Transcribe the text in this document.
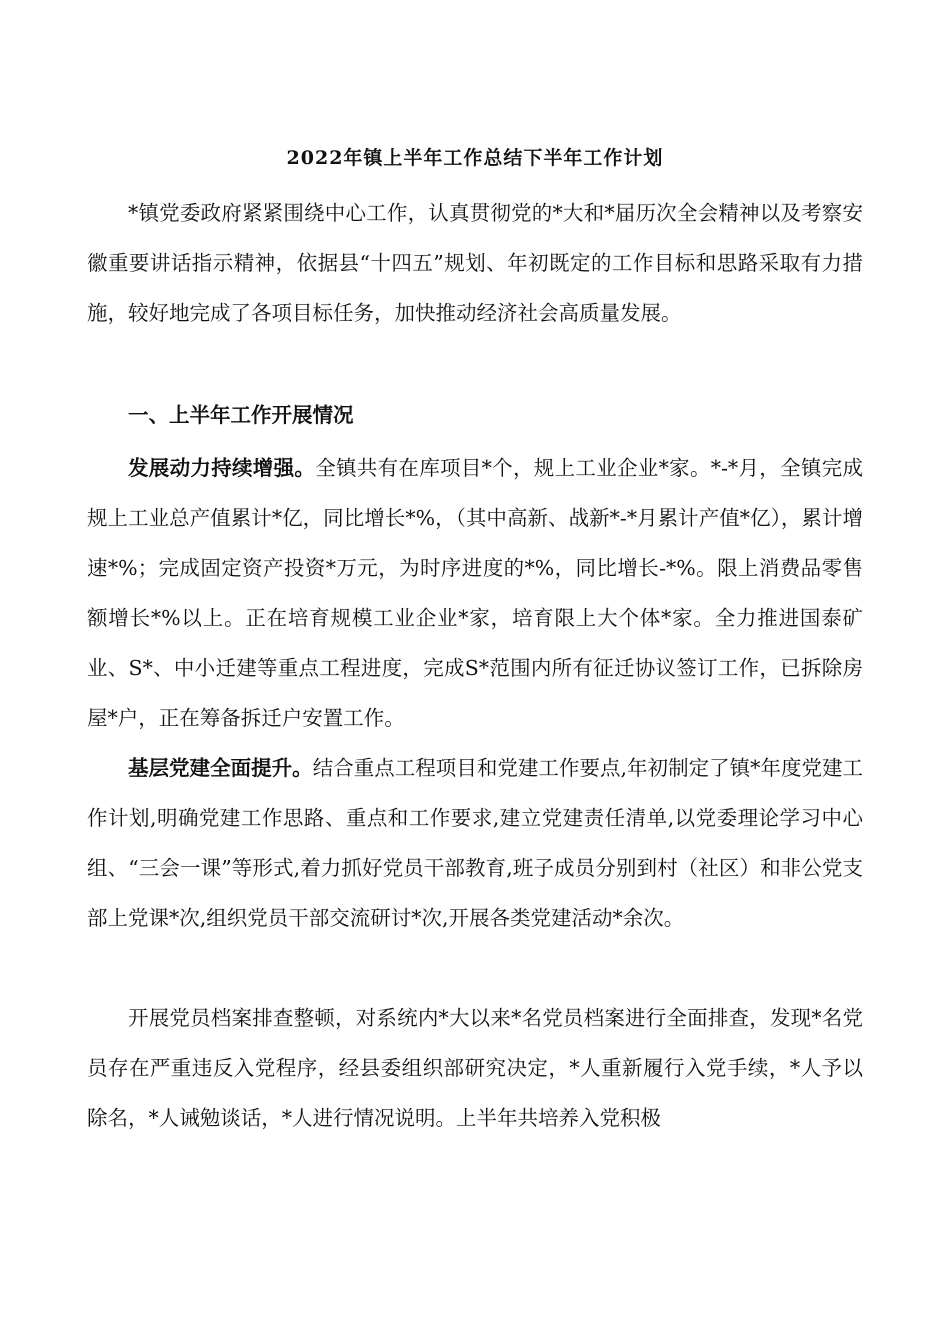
2022年镇上半年工作总结下半年工作计划

*镇党委政府紧紧围绕中心工作，认真贯彻党的*大和*届历次全会精神以及考察安徽重要讲话指示精神，依据县“十四五”规划、年初既定的工作目标和思路采取有力措施，较好地完成了各项目标任务，加快推动经济社会高质量发展。

一、上半年工作开展情况

发展动力持续增强。全镇共有在库项目*个，规上工业企业*家。*-*月，全镇完成规上工业总产值累计*亿，同比增长*%，（其中高新、战新*-*月累计产值*亿），累计增速*%；完成固定资产投资*万元，为时序进度的*%，同比增长-*%。限上消费品零售额增长*%以上。正在培育规模工业企业*家，培育限上大个体*家。全力推进国泰矿业、S*、中小迁建等重点工程进度，完成S*范围内所有征迁协议签订工作，已拆除房屋*户，正在筹备拆迁户安置工作。

基层党建全面提升。结合重点工程项目和党建工作要点,年初制定了镇*年度党建工作计划,明确党建工作思路、重点和工作要求,建立党建责任清单,以党委理论学习中心组、“三会一课”等形式,着力抓好党员干部教育,班子成员分别到村（社区）和非公党支部上党课*次,组织党员干部交流研讨*次,开展各类党建活动*余次。

开展党员档案排查整顿，对系统内*大以来*名党员档案进行全面排查，发现*名党员存在严重违反入党程序，经县委组织部研究决定，*人重新履行入党手续，*人予以除名，*人诫勉谈话，*人进行情况说明。上半年共培养入党积极
